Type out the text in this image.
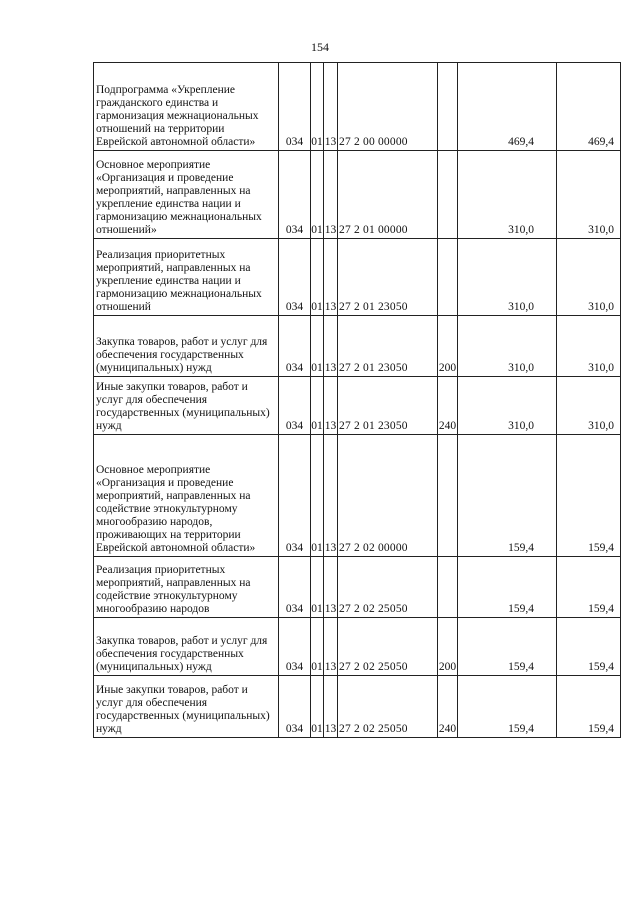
154
Подпрограмма «Укрепление гражданского единства и гармонизация межнациональных отношений на территории Еврейской автономной области»	034	01	13	27 2 00 00000		469,4	469,4
Основное мероприятие «Организация и проведение мероприятий, направленных на укрепление единства нации и гармонизацию межнациональных отношений»	034	01	13	27 2 01 00000		310,0	310,0
Реализация приоритетных мероприятий, направленных на укрепление единства нации и гармонизацию межнациональных отношений	034	01	13	27 2 01 23050		310,0	310,0
Закупка товаров, работ и услуг для обеспечения государственных (муниципальных) нужд	034	01	13	27 2 01 23050	200	310,0	310,0
Иные закупки товаров, работ и услуг для обеспечения государственных (муниципальных) нужд	034	01	13	27 2 01 23050	240	310,0	310,0
Основное мероприятие «Организация и проведение мероприятий, направленных на содействие этнокультурному многообразию народов, проживающих на территории Еврейской автономной области»	034	01	13	27 2 02 00000		159,4	159,4
Реализация приоритетных мероприятий, направленных на содействие этнокультурному многообразию народов	034	01	13	27 2 02 25050		159,4	159,4
Закупка товаров, работ и услуг для обеспечения государственных (муниципальных) нужд	034	01	13	27 2 02 25050	200	159,4	159,4
Иные закупки товаров, работ и услуг для обеспечения государственных (муниципальных) нужд	034	01	13	27 2 02 25050	240	159,4	159,4
